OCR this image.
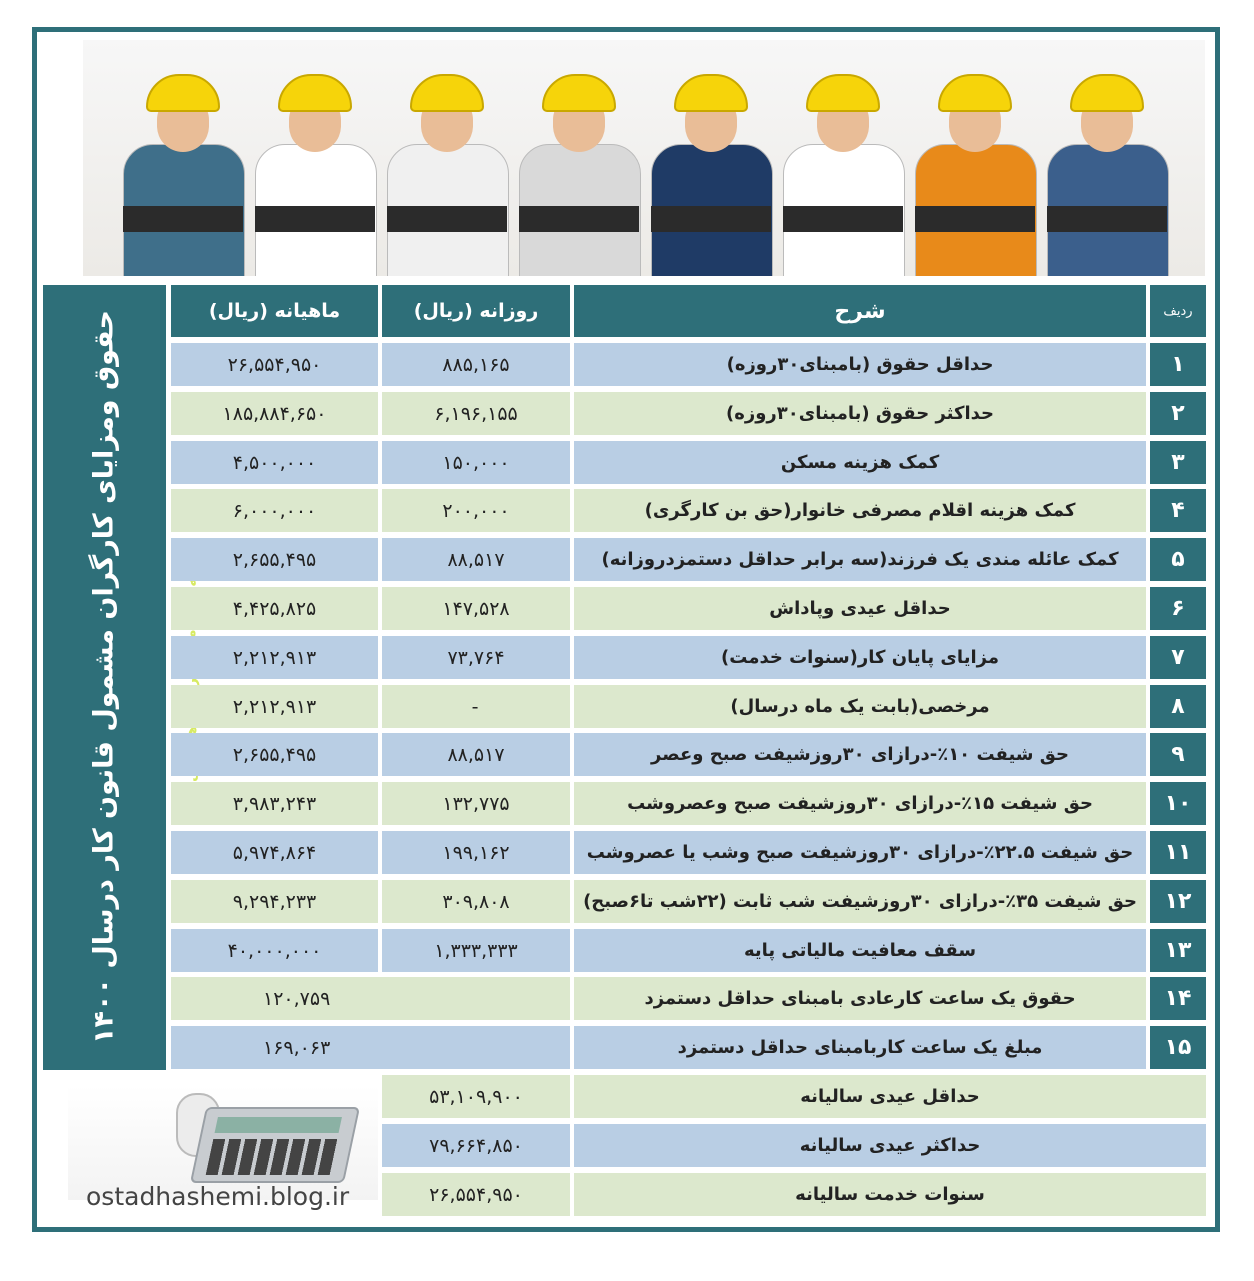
حقوق ومزایای کارگران مشمول قانون کار درسال ۱۴۰۰	ردیف
شرح
روزانه (ریال)
ماهیانه (ریال)
۱
حداقل حقوق (بامبنای۳۰روزه)
۸۸۵,۱۶۵
۲۶,۵۵۴,۹۵۰
۲
حداکثر حقوق (بامبنای۳۰روزه)
۶,۱۹۶,۱۵۵
۱۸۵,۸۸۴,۶۵۰
۳
کمک هزینه مسکن
۱۵۰,۰۰۰
۴,۵۰۰,۰۰۰
۴
کمک هزینه اقلام مصرفی خانوار(حق بن کارگری)
۲۰۰,۰۰۰
۶,۰۰۰,۰۰۰
۵
کمک عائله مندی یک فرزند(سه برابر حداقل دستمزدروزانه)
۸۸,۵۱۷
۲,۶۵۵,۴۹۵
۶
حداقل عیدی وپاداش
۱۴۷,۵۲۸
۴,۴۲۵,۸۲۵
۷
مزایای پایان کار(سنوات خدمت)
۷۳,۷۶۴
۲,۲۱۲,۹۱۳
۸
مرخصی(بابت یک ماه درسال)
-
۲,۲۱۲,۹۱۳
۹
حق شیفت ۱۰٪-درازای ۳۰روزشیفت صبح وعصر
۸۸,۵۱۷
۲,۶۵۵,۴۹۵
۱۰
حق شیفت ۱۵٪-درازای ۳۰روزشیفت صبح وعصروشب
۱۳۲,۷۷۵
۳,۹۸۳,۲۴۳
۱۱
حق شیفت ۲۲.۵٪-درازای ۳۰روزشیفت صبح وشب یا عصروشب
۱۹۹,۱۶۲
۵,۹۷۴,۸۶۴
۱۲
حق شیفت ۳۵٪-درازای ۳۰روزشیفت شب ثابت (۲۲شب تا۶صبح)
۳۰۹,۸۰۸
۹,۲۹۴,۲۳۳
۱۳
سقف معافیت مالیاتی پایه
۱,۳۳۳,۳۳۳
۴۰,۰۰۰,۰۰۰
۱۴
حقوق یک ساعت کارعادی بامبنای حداقل دستمزد
۱۲۰,۷۵۹
۱۵
مبلغ یک ساعت کاربامبنای حداقل دستمزد
۱۶۹,۰۶۳
حداقل عیدی سالیانه
۵۳,۱۰۹,۹۰۰
حداکثر عیدی سالیانه
۷۹,۶۶۴,۸۵۰
سنوات خدمت سالیانه
۲۶,۵۵۴,۹۵۰
ostadhashemi.blog.ir
